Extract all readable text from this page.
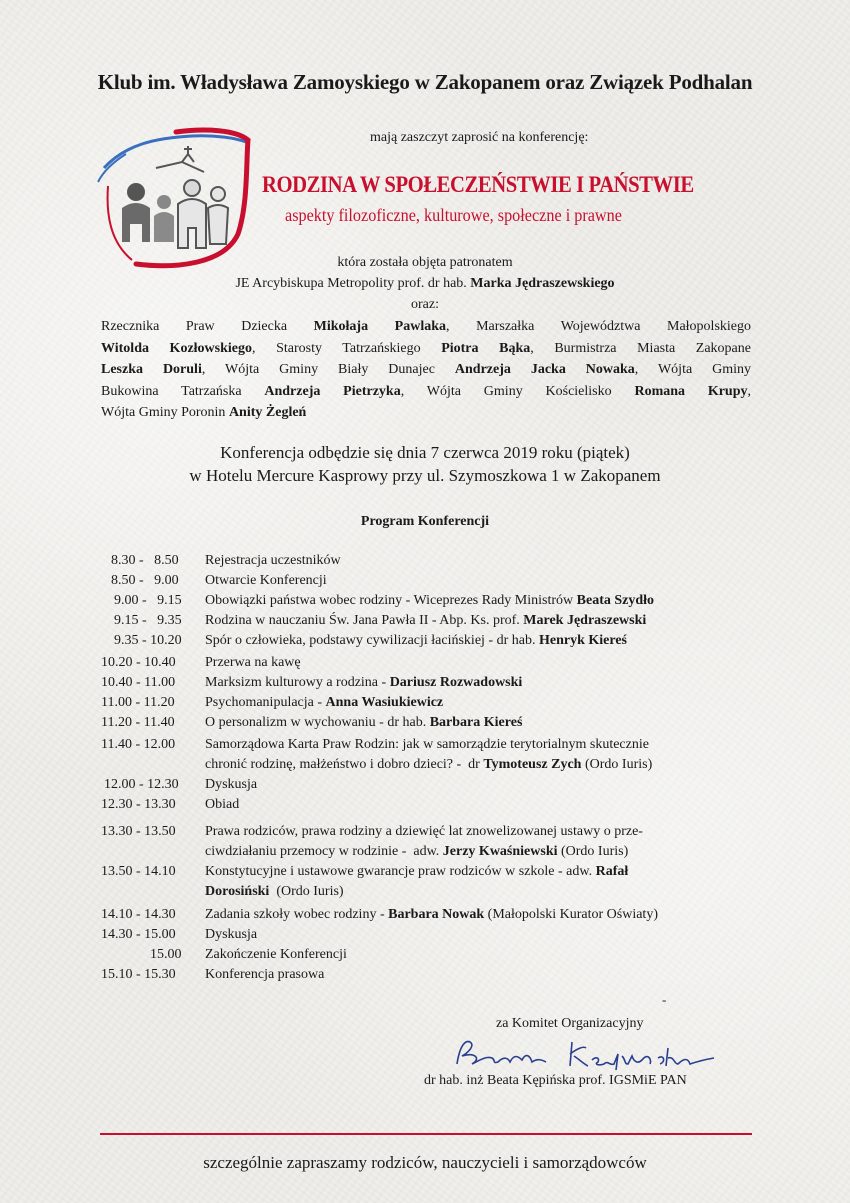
Klub im. Władysława Zamoyskiego w Zakopanem oraz Związek Podhalan
mają zaszczyt zaprosić na konferencję:
RODZINA W SPOŁECZEŃSTWIE I PAŃSTWIE
aspekty filozoficzne, kulturowe, społeczne i prawne
która została objęta patronatem
JE Arcybiskupa Metropolity prof. dr hab. Marka Jędraszewskiego
oraz:
Rzecznika Praw Dziecka Mikołaja Pawlaka, Marszałka Województwa Małopolskiego
Witolda Kozłowskiego, Starosty Tatrzańskiego Piotra Bąka, Burmistrza Miasta Zakopane
Leszka Doruli, Wójta Gminy Biały Dunajec Andrzeja Jacka Nowaka, Wójta Gminy
Bukowina Tatrzańska Andrzeja Pietrzyka, Wójta Gminy Kościelisko Romana Krupy,
Wójta Gminy Poronin Anity Żegleń
Konferencja odbędzie się dnia 7 czerwca 2019 roku (piątek)
w Hotelu Mercure Kasprowy przy ul. Szymoszkowa 1 w Zakopanem
Program Konferencji
8.30 -   8.50 Rejestracja uczestników
8.50 -   9.00 Otwarcie Konferencji
9.00 -   9.15 Obowiązki państwa wobec rodziny - Wiceprezes Rady Ministrów Beata Szydło
9.15 -   9.35 Rodzina w nauczaniu Św. Jana Pawła II - Abp. Ks. prof. Marek Jędraszewski
9.35 - 10.20 Spór o człowieka, podstawy cywilizacji łacińskiej - dr hab. Henryk Kiereś
10.20 - 10.40 Przerwa na kawę
10.40 - 11.00 Marksizm kulturowy a rodzina - Dariusz Rozwadowski
11.00 - 11.20 Psychomanipulacja - Anna Wasiukiewicz
11.20 - 11.40 O personalizm w wychowaniu - dr hab. Barbara Kiereś
11.40 - 12.00 Samorządowa Karta Praw Rodzin: jak w samorządzie terytorialnym skutecznie
chronić rodzinę, małżeństwo i dobro dzieci? -  dr Tymoteusz Zych (Ordo Iuris)
12.00 - 12.30 Dyskusja
12.30 - 13.30 Obiad
13.30 - 13.50 Prawa rodziców, prawa rodziny a dziewięć lat znowelizowanej ustawy o prze-
ciwdziałaniu przemocy w rodzinie -  adw. Jerzy Kwaśniewski (Ordo Iuris)
13.50 - 14.10 Konstytucyjne i ustawowe gwarancje praw rodziców w szkole - adw. Rafał
Dorosiński  (Ordo Iuris)
14.10 - 14.30 Zadania szkoły wobec rodziny - Barbara Nowak (Małopolski Kurator Oświaty)
14.30 - 15.00 Dyskusja
15.00 Zakończenie Konferencji
15.10 - 15.30 Konferencja prasowa
-
za Komitet Organizacyjny
dr hab. inż Beata Kępińska prof. IGSMiE PAN
szczególnie zapraszamy rodziców, nauczycieli i samorządowców
